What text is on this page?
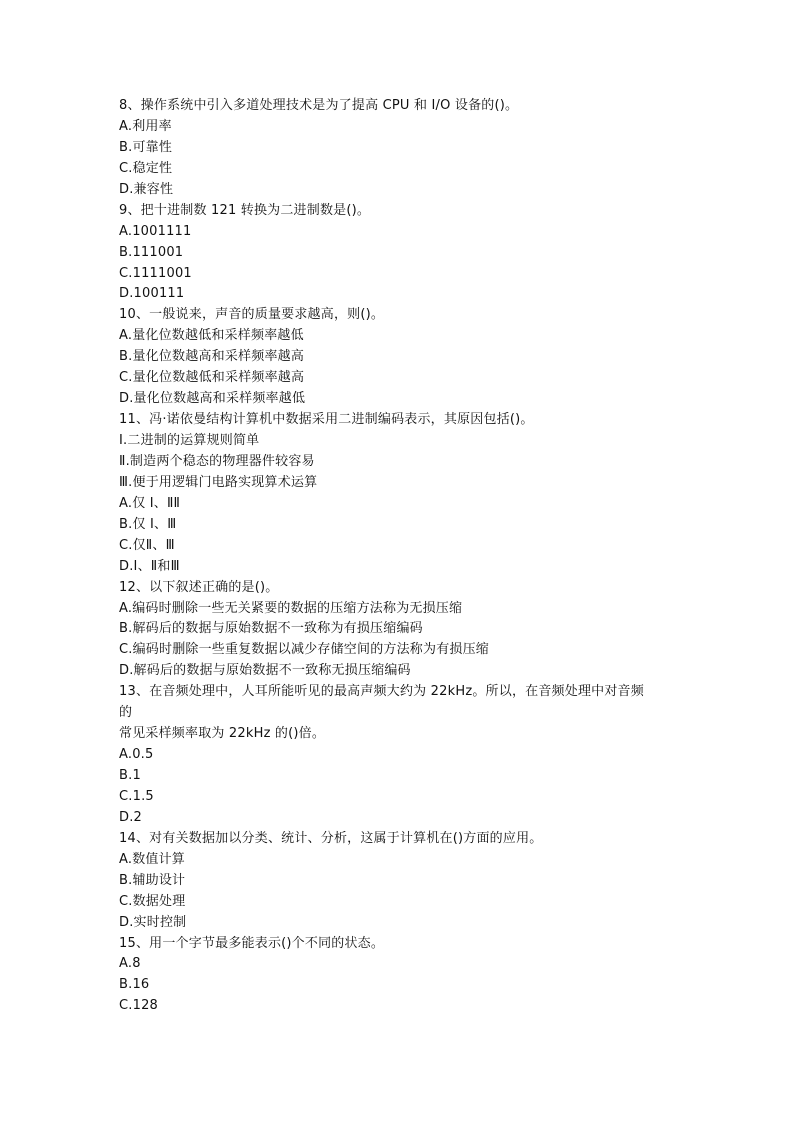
8、操作系统中引入多道处理技术是为了提高 CPU 和 I/O 设备的()。
A.利用率
B.可靠性
C.稳定性
D.兼容性
9、把十进制数 121 转换为二进制数是()。
A.1001111
B.111001
C.1111001
D.100111
10、一般说来，声音的质量要求越高，则()。
A.量化位数越低和采样频率越低
B.量化位数越高和采样频率越高
C.量化位数越低和采样频率越高
D.量化位数越高和采样频率越低
11、冯·诺依曼结构计算机中数据采用二进制编码表示，其原因包括()。
I.二进制的运算规则简单
Ⅱ.制造两个稳态的物理器件较容易
Ⅲ.便于用逻辑门电路实现算术运算
A.仅 I、ⅡⅡ
B.仅 I、Ⅲ
C.仅Ⅱ、Ⅲ
D.I、Ⅱ和Ⅲ
12、以下叙述正确的是()。
A.编码时删除一些无关紧要的数据的压缩方法称为无损压缩
B.解码后的数据与原始数据不一致称为有损压缩编码
C.编码时删除一些重复数据以减少存储空间的方法称为有损压缩
D.解码后的数据与原始数据不一致称无损压缩编码
13、在音频处理中，人耳所能听见的最高声频大约为 22kHz。所以，在音频处理中对音频
的
常见采样频率取为 22kHz 的()倍。
A.0.5
B.1
C.1.5
D.2
14、对有关数据加以分类、统计、分析，这属于计算机在()方面的应用。
A.数值计算
B.辅助设计
C.数据处理
D.实时控制
15、用一个字节最多能表示()个不同的状态。
A.8
B.16
C.128
